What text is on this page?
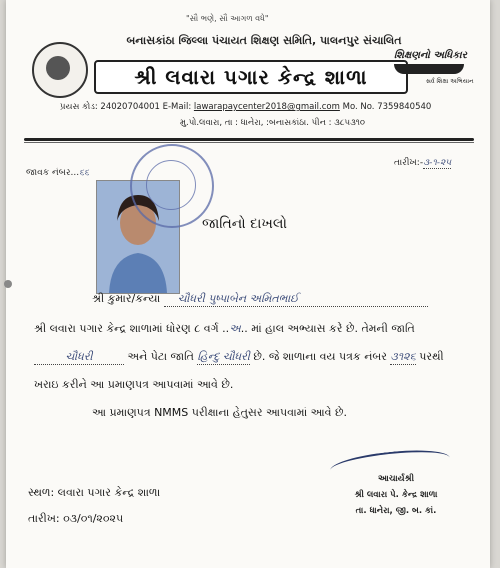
"સૌ ભણે, સૌ આગળ વધે"
બનાસકાંઠા જિલ્લા પંચાયત શિક્ષણ સમિતિ, પાલનપુર સંચાલિત
શ્રી લવારા પગાર કેન્દ્ર શાળા
શિક્ષણનો અધિકાર
સર્વ શિક્ષા અભિયાન
પ્રયસ કોડ: 24020704001 E-Mail: lawarapaycenter2018@gmail.com Mo. No. 7359840540
મુ.પો.લવારા, તા : ધાનેરા, :બનાસકાંઠા. પીન : ૩૮૫૩૧૦
જાવક નંબર...૬૬
તારીખ:-૩-૧-૨૫
જાતિનો દાખલો
શ્રી કુમાર/કન્યા ચૌધરી પુષ્પાબેન અમિતભાઈ
શ્રી લવારા પગાર કેન્દ્ર શાળામાં ધોરણ ૮ વર્ગ ..અ.. માં હાલ અભ્યાસ કરે છે. તેમની જાતિ
ચૌધરી	અને પેટા જાતિ હિન્દુ ચૌધરી છે. જે શાળાના વય પત્રક નંબર ૩૧૨૬ પરથી
ખરાઇ કરીને આ પ્રમાણપત્ર આપવામાં આવે છે.
આ પ્રમાણપત્ર NMMS પરીક્ષાના હેતુસર આપવામાં આવે છે.
આચાર્યશ્રી
શ્રી લવારા પે. કેન્દ્ર શાળા
તા. ધાનેરા, જી. બ. કાં.
સ્થળ: લવારા પગાર કેન્દ્ર શાળા
તારીખ: ૦૩/૦૧/૨૦૨૫
